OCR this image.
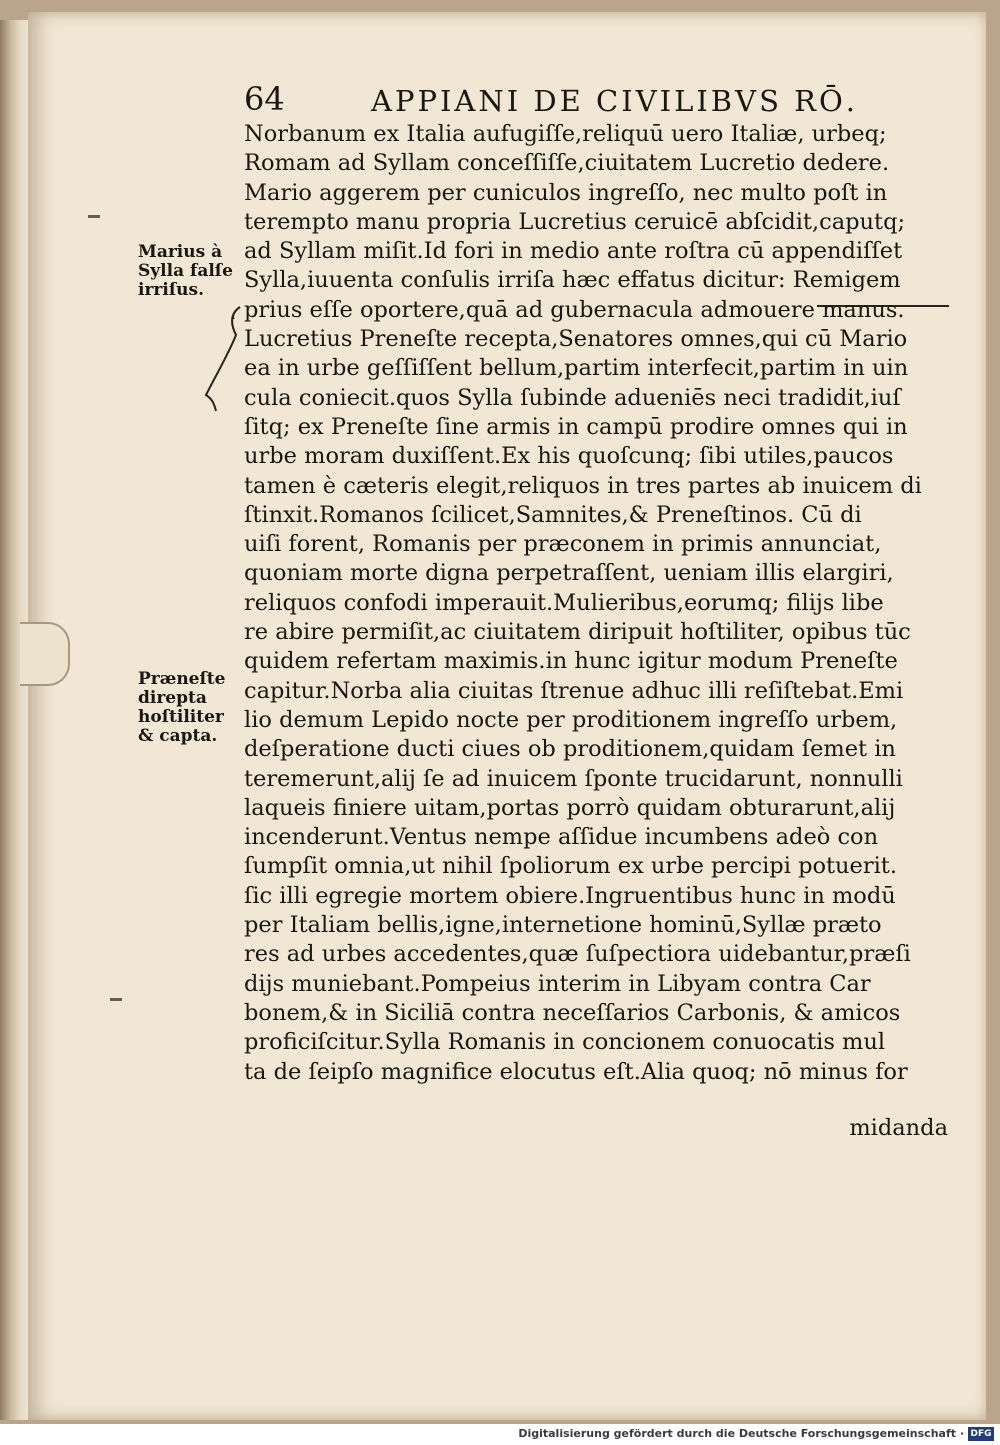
64	APPIANI DE CIVILIBVS RŌ.
Marius à
Sylla falſe
irriſus.
Præneſte
direpta
hoſtiliter
& capta.
Norbanum ex Italia aufugiſſe,reliquū uero Italiæ, urbeq;
Romam ad Syllam conceſſiſſe,ciuitatem Lucretio dedere.
Mario aggerem per cuniculos ingreſſo, nec multo poſt in
terempto manu propria Lucretius ceruicē abſcidit,caputq;
ad Syllam miſit.Id fori in medio ante roſtra cū appendiſſet
Sylla,iuuenta conſulis irriſa hæc effatus dicitur: Remigem
prius eſſe oportere,quā ad gubernacula admouere manus.
Lucretius Preneſte recepta,Senatores omnes,qui cū Mario
ea in urbe geſſiſſent bellum,partim interfecit,partim in uin
cula coniecit.quos Sylla ſubinde adueniēs neci tradidit,iuſ
ſitq; ex Preneſte ſine armis in campū prodire omnes qui in
urbe moram duxiſſent.Ex his quoſcunq; ſibi utiles,paucos
tamen è cæteris elegit,reliquos in tres partes ab inuicem di
ſtinxit.Romanos ſcilicet,Samnites,& Preneſtinos. Cū di
uiſi forent, Romanis per præconem in primis annunciat,
quoniam morte digna perpetraſſent, ueniam illis elargiri,
reliquos confodi imperauit.Mulieribus,eorumq; filijs libe
re abire permiſit,ac ciuitatem diripuit hoſtiliter, opibus tūc
quidem refertam maximis.in hunc igitur modum Preneſte
capitur.Norba alia ciuitas ſtrenue adhuc illi reſiſtebat.Emi
lio demum Lepido nocte per proditionem ingreſſo urbem,
deſperatione ducti ciues ob proditionem,quidam ſemet in
teremerunt,alij ſe ad inuicem ſponte trucidarunt, nonnulli
laqueis finiere uitam,portas porrò quidam obturarunt,alij
incenderunt.Ventus nempe aſſidue incumbens adeò con
ſumpſit omnia,ut nihil ſpoliorum ex urbe percipi potuerit.
ſic illi egregie mortem obiere.Ingruentibus hunc in modū
per Italiam bellis,igne,internetione hominū,Syllæ præto
res ad urbes accedentes,quæ ſuſpectiora uidebantur,præſi
dijs muniebant.Pompeius interim in Libyam contra Car
bonem,& in Siciliā contra neceſſarios Carbonis, & amicos
proficiſcitur.Sylla Romanis in concionem conuocatis mul
ta de ſeipſo magnifice elocutus eſt.Alia quoq; nō minus for
midanda
Digitalisierung gefördert durch die Deutsche Forschungsgemeinschaft · DFG
